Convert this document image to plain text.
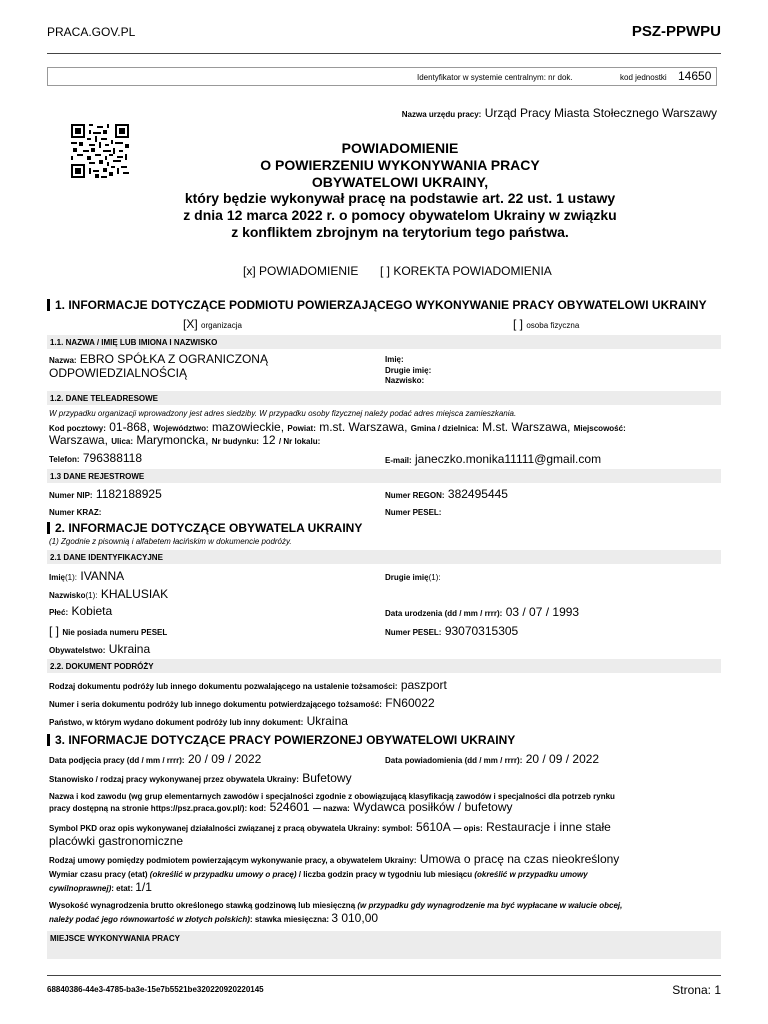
PRACA.GOV.PL	PSZ-PPWPU
Identyfikator w systemie centralnym: nr dok.	kod jednostki 14650
Nazwa urzędu pracy: Urząd Pracy Miasta Stołecznego Warszawy
POWIADOMIENIE
O POWIERZENIU WYKONYWANIA PRACY
OBYWATELOWI UKRAINY,
który będzie wykonywał pracę na podstawie art. 22 ust. 1 ustawy
z dnia 12 marca 2022 r. o pomocy obywatelom Ukrainy w związku
z konfliktem zbrojnym na terytorium tego państwa.
[x] POWIADOMIENIE [ ] KOREKTA POWIADOMIENIA
1. INFORMACJE DOTYCZĄCE PODMIOTU POWIERZAJĄCEGO WYKONYWANIE PRACY OBYWATELOWI UKRAINY
[X] organizacja	[ ] osoba fizyczna
1.1. NAZWA / IMIĘ LUB IMIONA I NAZWISKO
Nazwa: EBRO SPÓŁKA Z OGRANICZONĄ
ODPOWIEDZIALNOŚCIĄ
Imię:
Drugie imię:
Nazwisko:
1.2. DANE TELEADRESOWE
W przypadku organizacji wprowadzony jest adres siedziby. W przypadku osoby fizycznej należy podać adres miejsca zamieszkania.
Kod pocztowy: 01-868, Województwo: mazowieckie, Powiat: m.st. Warszawa, Gmina / dzielnica: M.st. Warszawa, Miejscowość:
Warszawa, Ulica: Marymoncka, Nr budynku: 12 / Nr lokalu:
Telefon: 796388118	E-mail: janeczko.monika11111@gmail.com
1.3 DANE REJESTROWE
Numer NIP: 1182188925	Numer REGON: 382495445
Numer KRAZ:	Numer PESEL:
2. INFORMACJE DOTYCZĄCE OBYWATELA UKRAINY
(1) Zgodnie z pisownią i alfabetem łacińskim w dokumencie podróży.
2.1 DANE IDENTYFIKACYJNE
Imię(1): IVANNA	Drugie imię(1):
Nazwisko(1): KHALUSIAK
Płeć: Kobieta	Data urodzenia (dd / mm / rrrr): 03 / 07 / 1993
[ ] Nie posiada numeru PESEL	Numer PESEL: 93070315305
Obywatelstwo: Ukraina
2.2. DOKUMENT PODRÓŻY
Rodzaj dokumentu podróży lub innego dokumentu pozwalającego na ustalenie tożsamości: paszport
Numer i seria dokumentu podróży lub innego dokumentu potwierdzającego tożsamość: FN60022
Państwo, w którym wydano dokument podróży lub inny dokument: Ukraina
3. INFORMACJE DOTYCZĄCE PRACY POWIERZONEJ OBYWATELOWI UKRAINY
Data podjęcia pracy (dd / mm / rrrr): 20 / 09 / 2022	Data powiadomienia (dd / mm / rrrr): 20 / 09 / 2022
Stanowisko / rodzaj pracy wykonywanej przez obywatela Ukrainy: Bufetowy
Nazwa i kod zawodu (wg grup elementarnych zawodów i specjalności zgodnie z obowiązującą klasyfikacją zawodów i specjalności dla potrzeb rynku
pracy dostępną na stronie https://psz.praca.gov.pl/): kod: 524601 — nazwa: Wydawca posiłków / bufetowy
Symbol PKD oraz opis wykonywanej działalności związanej z pracą obywatela Ukrainy: symbol: 5610A — opis: Restauracje i inne stałe
placówki gastronomiczne
Rodzaj umowy pomiędzy podmiotem powierzającym wykonywanie pracy, a obywatelem Ukrainy: Umowa o pracę na czas nieokreślony
Wymiar czasu pracy (etat) (określić w przypadku umowy o pracę) / liczba godzin pracy w tygodniu lub miesiącu (określić w przypadku umowy
cywilnoprawnej): etat: 1/1
Wysokość wynagrodzenia brutto określonego stawką godzinową lub miesięczną (w przypadku gdy wynagrodzenie ma być wypłacane w walucie obcej,
należy podać jego równowartość w złotych polskich): stawka miesięczna: 3 010,00
MIEJSCE WYKONYWANIA PRACY
68840386-44e3-4785-ba3e-15e7b5521be320220920220145	Strona: 1
